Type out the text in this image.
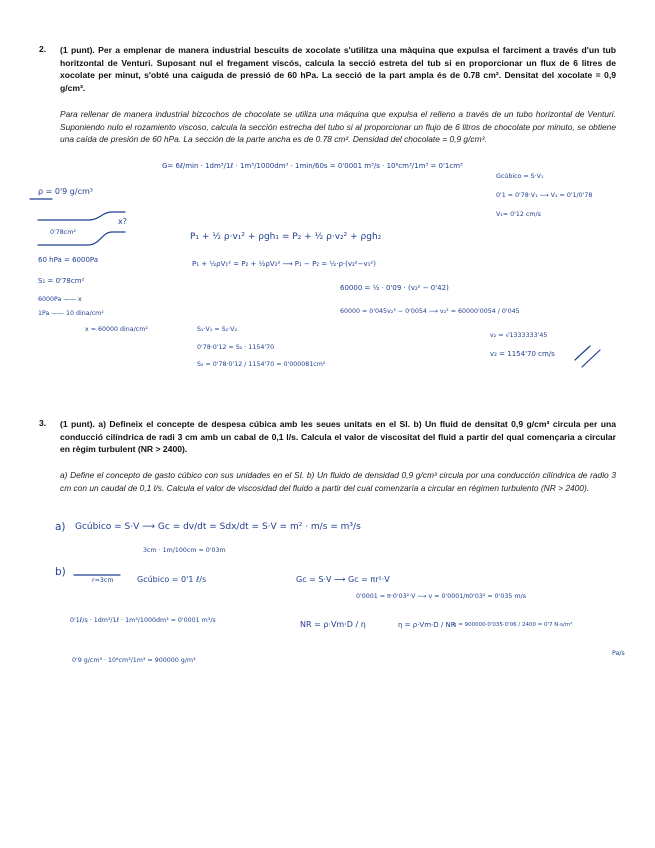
2. (1 punt). Per a emplenar de manera industrial bescuits de xocolate s'utilitza una màquina que expulsa el farciment a través d'un tub horitzontal de Venturi. Suposant nul el fregament viscós, calcula la secció estreta del tub si en proporcionar un flux de 6 litres de xocolate per minut, s'obté una caiguda de pressió de 60 hPa. La secció de la part ampla és de 0.78 cm². Densitat del xocolate = 0,9 g/cm³.
Para rellenar de manera industrial bizcochos de chocolate se utiliza una máquina que expulsa el relleno a través de un tubo horizontal de Venturi. Suponiendo nulo el rozamiento viscoso, calcula la sección estrecha del tubo si al proporcionar un flujo de 6 litros de chocolate por minuto, se obtiene una caída de presión de 60 hPa. La sección de la parte ancha es de 0.78 cm². Densidad del chocolate = 0,9 g/cm³.
G= 6ℓ/min · 1dm³/1ℓ · 1m³/1000dm³ · 1min/60s = 0'0001 m³/s · 10⁶cm³/1m³ = 0'1cm³
ρ = 0'9 g/cm³
0'78cm²
x?
60 hPa = 6000Pa
S₁ = 0'78cm²
6000Pa —— x
1Pa —— 10 dina/cm²
x = 60000 dina/cm²
P₁ + ½ ρ·v₁² + ρgh₁ = P₂ + ½ ρ·v₂² + ρgh₂
P₁ + ½ρV₁² = P₂ + ½ρV₂² ⟶ P₁ − P₂ = ½·ρ·(v₂²−v₁²)
60000 = ½ · 0'09 · (v₂² − 0'42)
60000 = 0'045v₂² − 0'0054 ⟶ v₂² = 60000'0054 / 0'045
v₂ = √1333333'45
v₂ = 1154'70 cm/s
S₁·V₁ = S₂·V₂
0'78·0'12 = S₂ · 1154'70
S₂ = 0'78·0'12 / 1154'70 = 0'000081cm²
Gcúbico = S·V₁
0'1 = 0'78·V₁ ⟶ V₁ = 0'1/0'78
V₁= 0'12 cm/s
3. (1 punt). a) Defineix el concepte de despesa cúbica amb les seues unitats en el SI. b) Un fluid de densitat 0,9 g/cm³ circula per una conducció cilíndrica de radi 3 cm amb un cabal de 0,1 l/s. Calcula el valor de viscositat del fluid a partir del qual començaria a circular en règim turbulent (NR > 2400).
a) Define el concepto de gasto cúbico con sus unidades en el SI. b) Un fluido de densidad 0,9 g/cm³ circula por una conducción cilíndrica de radio 3 cm con un caudal de 0,1 l/s. Calcula el valor de viscosidad del fluido a partir del cual comenzaría a circular en régimen turbulento (NR > 2400).
a) Gcúbico = S·V ⟶ Gc = dv/dt = Sdx/dt = S·V = m² · m/s = m³/s
3cm · 1m/100cm = 0'03m
b)
r=3cm	Gcúbico = 0'1 ℓ/s	Gc = S·V ⟶ Gc = πr²·V
0'0001 = π·0'03²·V ⟶ v = 0'0001/π0'03² = 0'035 m/s
0'1ℓ/s · 1dm³/1ℓ · 1m³/1000dm³ = 0'0001 m³/s	NR = ρ·Vm·D / η	η = ρ·Vm·D / NR
η = 900000·0'035·0'06 / 2400 = 0'7 N·s/m²
Pa/s
0'9 g/cm³ · 10⁶cm³/1m³ = 900000 g/m³
